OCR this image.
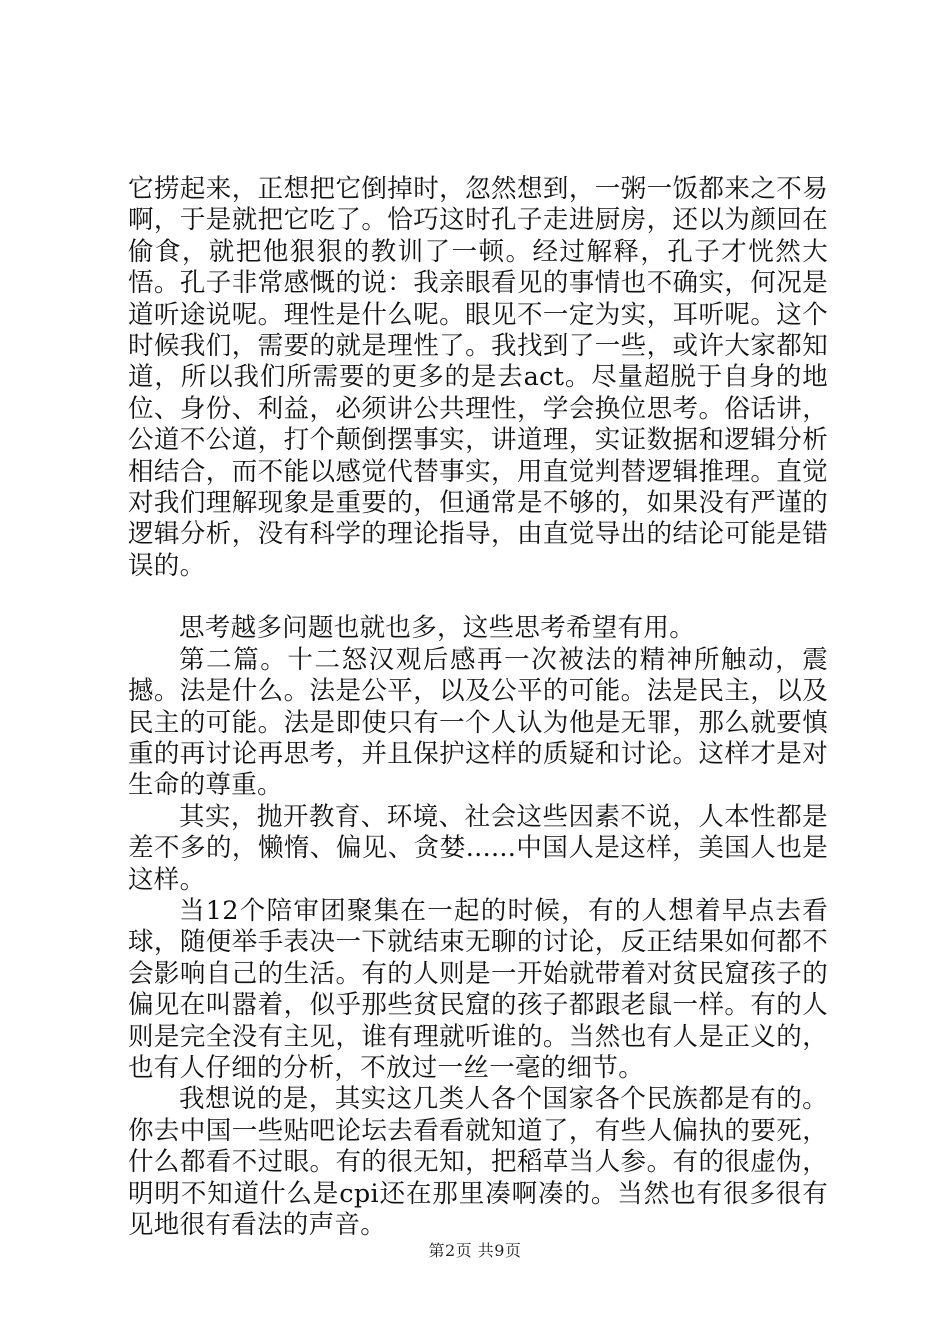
它捞起来，正想把它倒掉时，忽然想到，一粥一饭都来之不易啊，于是就把它吃了。恰巧这时孔子走进厨房，还以为颜回在偷食，就把他狠狠的教训了一顿。经过解释，孔子才恍然大悟。孔子非常感慨的说：我亲眼看见的事情也不确实，何况是道听途说呢。理性是什么呢。眼见不一定为实，耳听呢。这个时候我们，需要的就是理性了。我找到了一些，或许大家都知道，所以我们所需要的更多的是去act。尽量超脱于自身的地位、身份、利益，必须讲公共理性，学会换位思考。俗话讲，公道不公道，打个颠倒摆事实，讲道理，实证数据和逻辑分析相结合，而不能以感觉代替事实，用直觉判替逻辑推理。直觉对我们理解现象是重要的，但通常是不够的，如果没有严谨的逻辑分析，没有科学的理论指导，由直觉导出的结论可能是错误的。

思考越多问题也就也多，这些思考希望有用。

第二篇。十二怒汉观后感再一次被法的精神所触动，震撼。法是什么。法是公平，以及公平的可能。法是民主，以及民主的可能。法是即使只有一个人认为他是无罪，那么就要慎重的再讨论再思考，并且保护这样的质疑和讨论。这样才是对生命的尊重。

其实，抛开教育、环境、社会这些因素不说，人本性都是差不多的，懒惰、偏见、贪婪......中国人是这样，美国人也是这样。

当12个陪审团聚集在一起的时候，有的人想着早点去看球，随便举手表决一下就结束无聊的讨论，反正结果如何都不会影响自己的生活。有的人则是一开始就带着对贫民窟孩子的偏见在叫嚣着，似乎那些贫民窟的孩子都跟老鼠一样。有的人则是完全没有主见，谁有理就听谁的。当然也有人是正义的，也有人仔细的分析，不放过一丝一毫的细节。

我想说的是，其实这几类人各个国家各个民族都是有的。你去中国一些贴吧论坛去看看就知道了，有些人偏执的要死，什么都看不过眼。有的很无知，把稻草当人参。有的很虚伪，明明不知道什么是cpi还在那里凑啊凑的。当然也有很多很有见地很有看法的声音。

第2页 共9页
